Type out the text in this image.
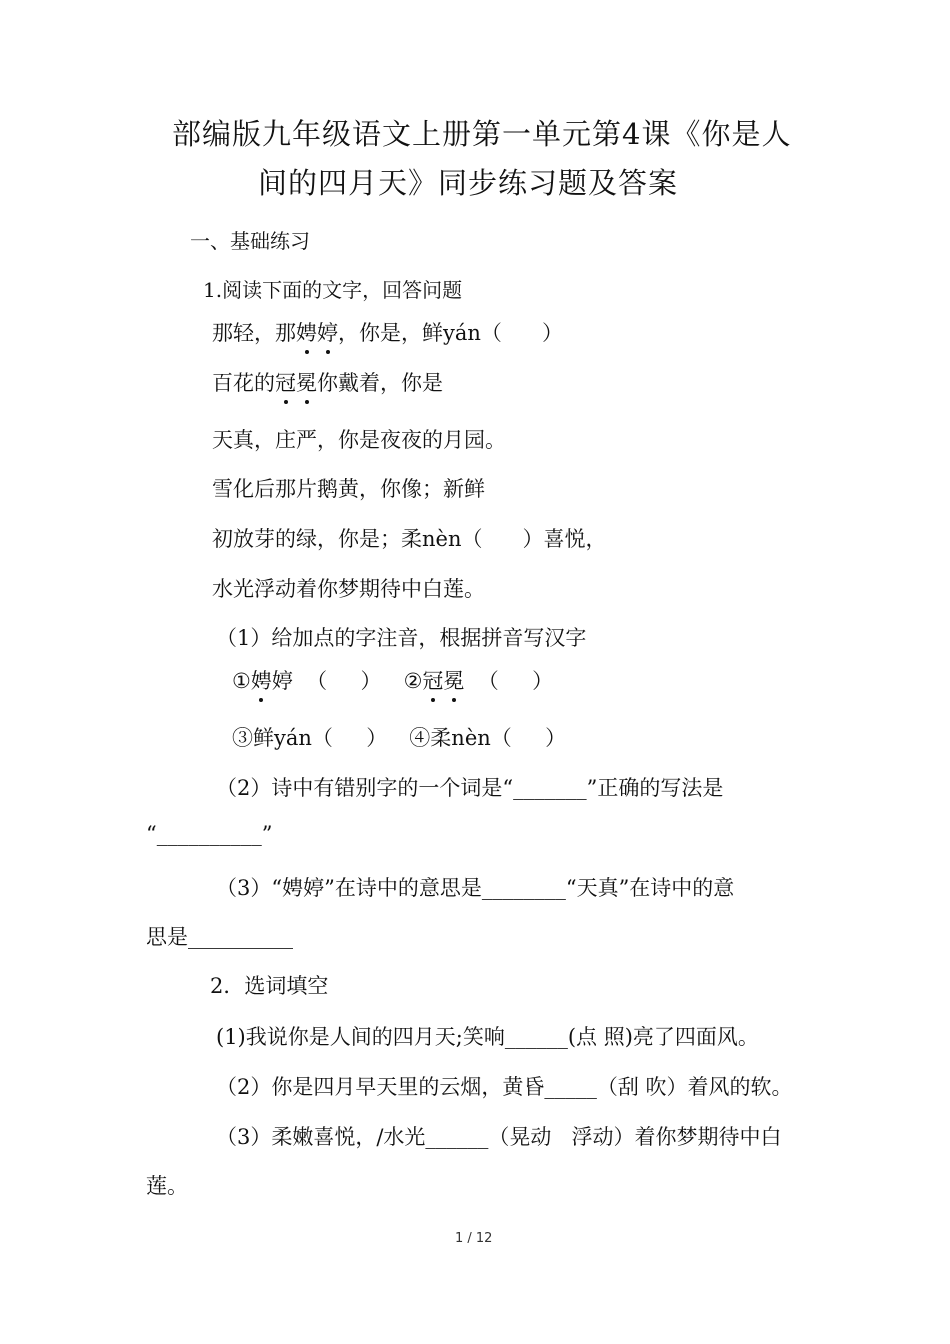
部编版九年级语文上册第一单元第4课《你是人
间的四月天》同步练习题及答案
一、基础练习
1.阅读下面的文字，回答问题
那轻，那娉婷，你是，鲜yán（      ）
百花的冠冕你戴着，你是
天真，庄严，你是夜夜的月园。
雪化后那片鹅黄，你像；新鲜
初放芽的绿，你是；柔nèn（      ）喜悦，
水光浮动着你梦期待中白莲。
（1）给加点的字注音，根据拼音写汉字
①娉婷  （     ） ②冠冕  （     ）
③鲜yán（     ） ④柔nèn（     ）
（2）诗中有错别字的一个词是“_______”正确的写法是
“__________”
（3）“娉婷”在诗中的意思是________“天真”在诗中的意
思是__________
2．选词填空
(1)我说你是人间的四月天;笑响______(点 照)亮了四面风。
（2）你是四月早天里的云烟，黄昏_____（刮 吹）着风的软。
（3）柔嫩喜悦，/水光______（晃动   浮动）着你梦期待中白
莲。
1 / 12
